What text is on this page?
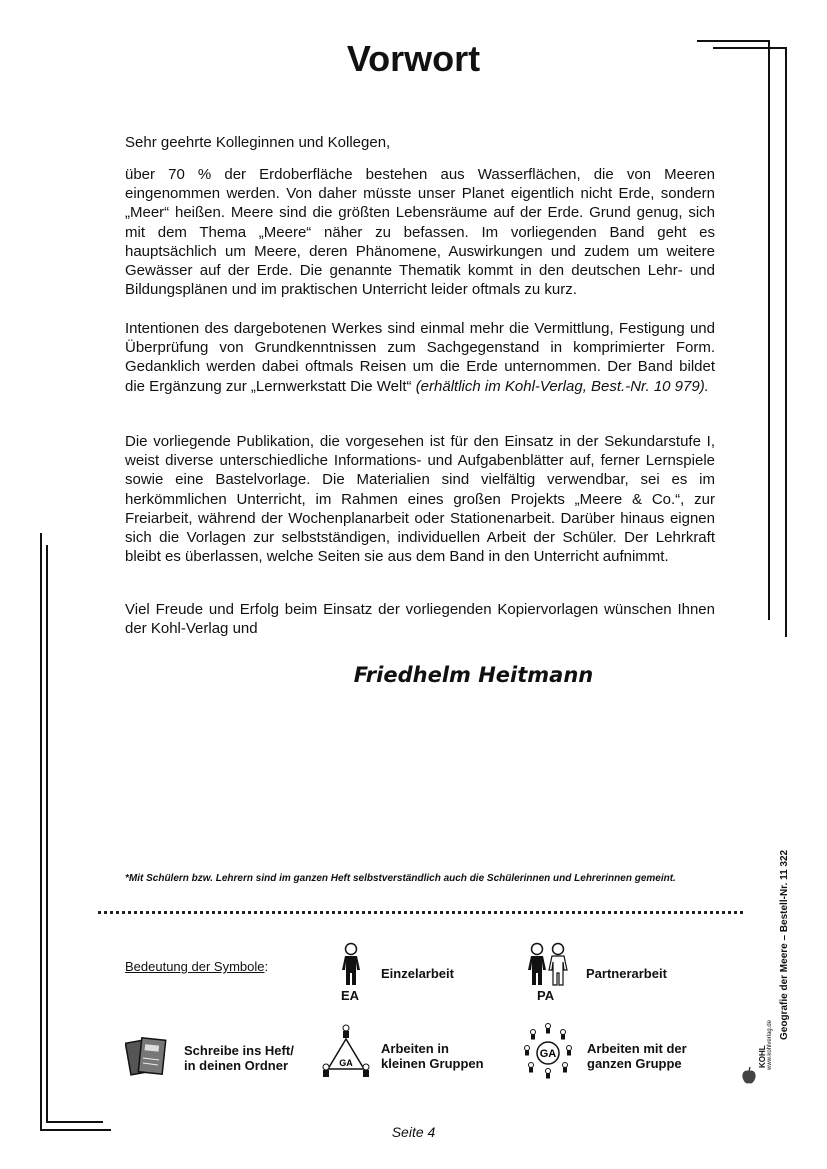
Vorwort

Sehr geehrte Kolleginnen und Kollegen,

über 70 % der Erdoberfläche bestehen aus Wasserflächen, die von Meeren eingenommen werden. Von daher müsste unser Planet eigentlich nicht Erde, sondern „Meer“ heißen. Meere sind die größten Lebensräume auf der Erde. Grund genug, sich mit dem Thema „Meere“ näher zu befassen. Im vorliegenden Band geht es hauptsächlich um Meere, deren Phänomene, Auswirkungen und zudem um weitere Gewässer auf der Erde. Die genannte Thematik kommt in den deutschen Lehr- und Bildungsplänen und im praktischen Unterricht leider oftmals zu kurz.

Intentionen des dargebotenen Werkes sind einmal mehr die Vermittlung, Festigung und Überprüfung von Grundkenntnissen zum Sachgegenstand in komprimierter Form. Gedanklich werden dabei oftmals Reisen um die Erde unternommen. Der Band bildet die Ergänzung zur „Lernwerkstatt Die Welt“ (erhältlich im Kohl-Verlag, Best.-Nr. 10 979).

Die vorliegende Publikation, die vorgesehen ist für den Einsatz in der Sekundarstufe I, weist diverse unterschiedliche Informations- und Aufgabenblätter auf, ferner Lernspiele sowie eine Bastelvorlage. Die Materialien sind vielfältig verwendbar, sei es im herkömmlichen Unterricht, im Rahmen eines großen Projekts „Meere & Co.“, zur Freiarbeit, während der Wochenplanarbeit oder Stationenarbeit. Darüber hinaus eignen sich die Vorlagen zur selbstständigen, individuellen Arbeit der Schüler. Der Lehrkraft bleibt es überlassen, welche Seiten sie aus dem Band in den Unterricht aufnimmt.

Viel Freude und Erfolg beim Einsatz der vorliegenden Kopiervorlagen wünschen Ihnen der Kohl-Verlag und

Friedhelm Heitmann
*Mit Schülern bzw. Lehrern sind im ganzen Heft selbstverständlich auch die Schülerinnen und Lehrerinnen gemeint.
Bedeutung der Symbole:
EA
Einzelarbeit
PA
Partnerarbeit
Schreibe ins Heft/
in deinen Ordner	GA
Arbeiten in
kleinen Gruppen
GA Arbeiten mit der
ganzen Gruppe
Geografie der Meere – Bestell-Nr. 11 322
KOHL www.kohlverlag.de
Seite 4
